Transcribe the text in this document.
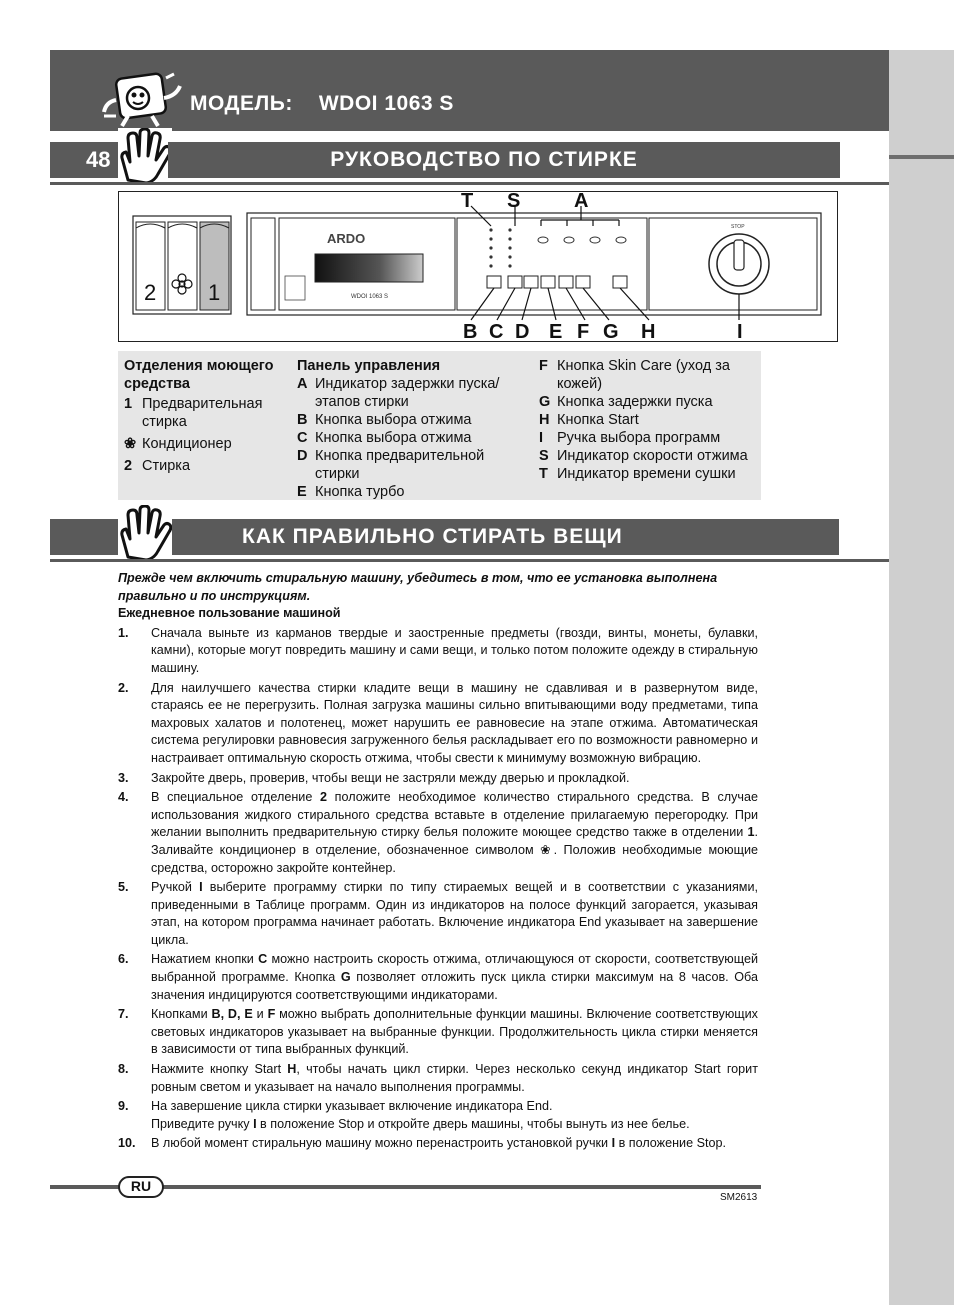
МОДЕЛЬ: WDOI 1063 S
48	РУКОВОДСТВО ПО СТИРКЕ
2 1
ARDO
WDOI 1063 S
STOP
T S	A
B C D E F G H	I
Отделения моющего средства
1 Предварительная стирка
❀ Кондиционер
2 Стирка
Панель управления
A Индикатор задержки пуска/ этапов стирки
B Кнопка выбора отжима
C Кнопка выбора отжима
D Кнопка предварительной стирки
E Кнопка турбо
F Кнопка Skin Care (уход за кожей)
G Кнопка задержки пуска
H Кнопка Start
I Ручка выбора программ
S Индикатор скорости отжима
T Индикатор времени сушки
КАК ПРАВИЛЬНО СТИРАТЬ ВЕЩИ
Прежде чем включить стиральную машину, убедитесь в том, что ее установка выполнена правильно и по инструкциям.
Ежедневное пользование машиной
1.	Сначала выньте из карманов твердые и заостренные предметы (гвозди, винты, монеты, булавки, камни), которые могут повредить машину и сами вещи, и только потом положите одежду в стиральную машину.
2.	Для наилучшего качества стирки кладите вещи в машину не сдавливая и в развернутом виде, стараясь ее не перегрузить. Полная загрузка машины сильно впитывающими воду предметами, типа махровых халатов и полотенец, может нарушить ее равновесие на этапе отжима. Автоматическая система регулировки равновесия загруженного белья раскладывает его по возможности равномерно и настраивает оптимальную скорость отжима, чтобы свести к минимуму возможную вибрацию.
3.	Закройте дверь, проверив, чтобы вещи не застряли между дверью и прокладкой.
4.	В специальное отделение 2 положите необходимое количество стирального средства. В случае использования жидкого стирального средства вставьте в отделение прилагаемую перегородку. При желании выполнить предварительную стирку белья положите моющее средство также в отделении 1. Заливайте кондиционер в отделение, обозначенное символом ❀. Положив необходимые моющие средства, осторожно закройте контейнер.
5.	Ручкой I выберите программу стирки по типу стираемых вещей и в соответствии с указаниями, приведенными в Таблице программ. Один из индикаторов на полосе функций загорается, указывая этап, на котором программа начинает работать. Включение индикатора End указывает на завершение цикла.
6.	Нажатием кнопки C можно настроить скорость отжима, отличающуюся от скорости, соответствующей выбранной программе. Кнопка G позволяет отложить пуск цикла стирки максимум на 8 часов. Оба значения индицируются соответствующими индикаторами.
7.	Кнопками B, D, E и F можно выбрать дополнительные функции машины. Включение соответствующих световых индикаторов указывает на выбранные функции. Продолжительность цикла стирки меняется в зависимости от типа выбранных функций.
8.	Нажмите кнопку Start H, чтобы начать цикл стирки. Через несколько секунд индикатор Start горит ровным светом и указывает на начало выполнения программы.
9.	На завершение цикла стирки указывает включение индикатора End.
Приведите ручку I в положение Stop и откройте дверь машины, чтобы вынуть из нее белье.
10.	В любой момент стиральную машину можно перенастроить установкой ручки I в положение Stop.
RU
SM2613
